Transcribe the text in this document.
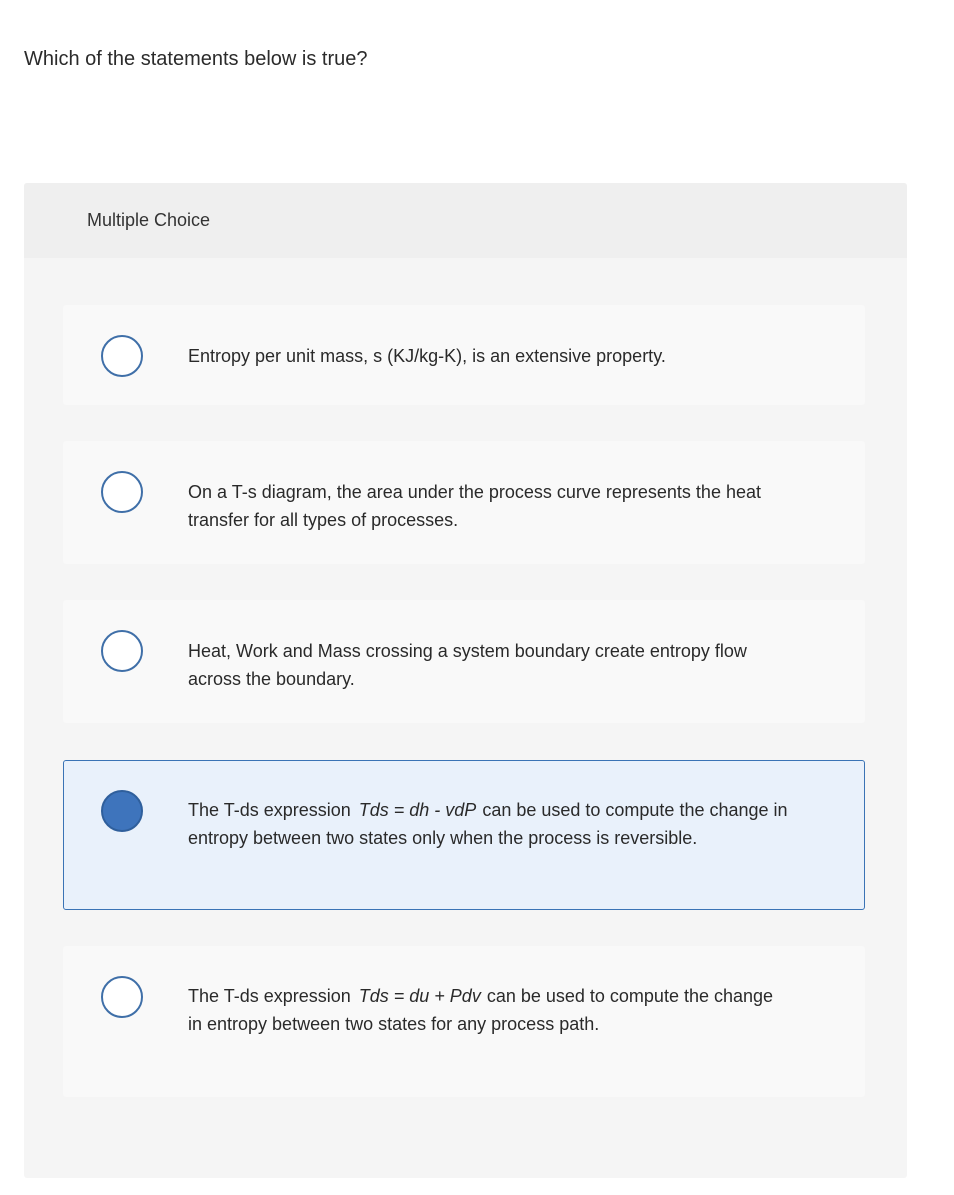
Which of the statements below is true?
Multiple Choice
Entropy per unit mass, s (KJ/kg-K), is an extensive property.
On a T-s diagram, the area under the process curve represents the heat transfer for all types of processes.
Heat, Work and Mass crossing a system boundary create entropy flow across the boundary.
The T-ds expression Tds = dh - vdP can be used to compute the change in entropy between two states only when the process is reversible.
The T-ds expression Tds = du + Pdv can be used to compute the change in entropy between two states for any process path.
